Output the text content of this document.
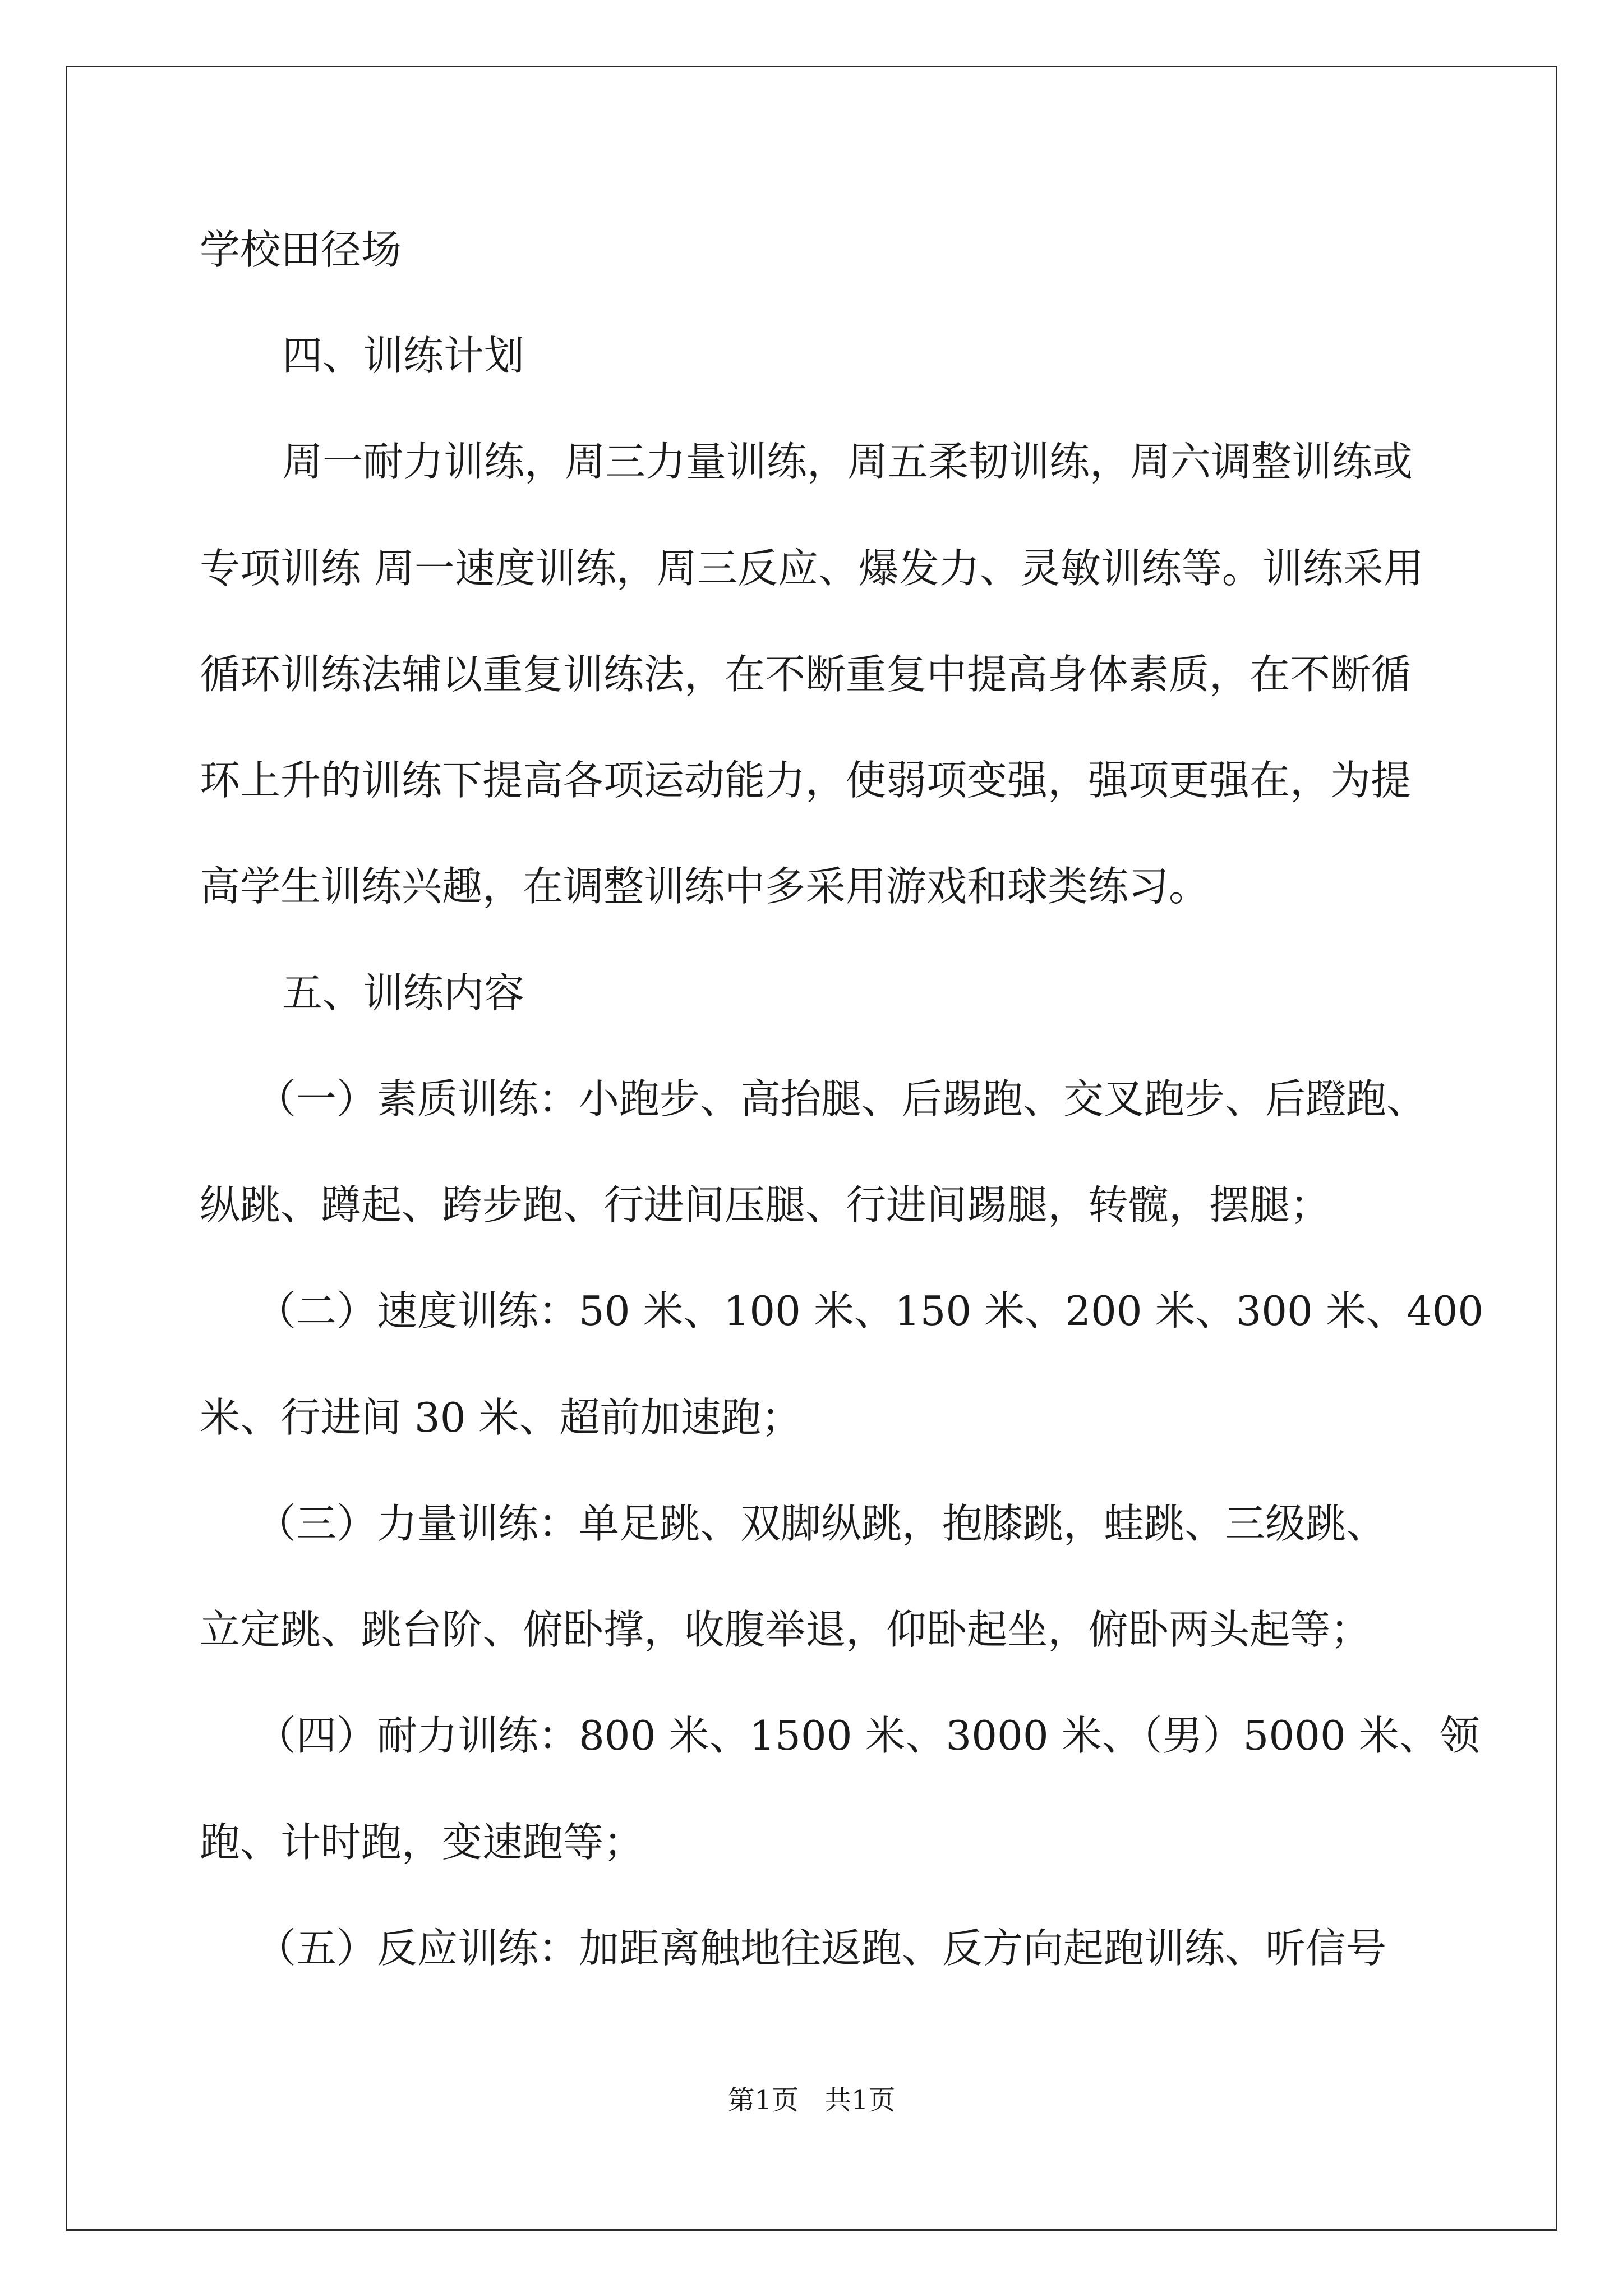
学校田径场
四、训练计划
周一耐力训练，周三力量训练，周五柔韧训练，周六调整训练或
专项训练 周一速度训练，周三反应、爆发力、灵敏训练等。训练采用
循环训练法辅以重复训练法，在不断重复中提高身体素质，在不断循
环上升的训练下提高各项运动能力，使弱项变强，强项更强在，为提
高学生训练兴趣，在调整训练中多采用游戏和球类练习。
五、训练内容
（一）素质训练：小跑步、高抬腿、后踢跑、交叉跑步、后蹬跑、
纵跳、蹲起、跨步跑、行进间压腿、行进间踢腿，转髋，摆腿；
（二）速度训练：50 米、100 米、150 米、200 米、300 米、400
米、行进间 30 米、超前加速跑；
（三）力量训练：单足跳、双脚纵跳，抱膝跳，蛙跳、三级跳、
立定跳、跳台阶、俯卧撑，收腹举退，仰卧起坐，俯卧两头起等；
（四）耐力训练：800 米、1500 米、3000 米、（男）5000 米、领
跑、计时跑，变速跑等；
（五）反应训练：加距离触地往返跑、反方向起跑训练、听信号
第1页   共1页
